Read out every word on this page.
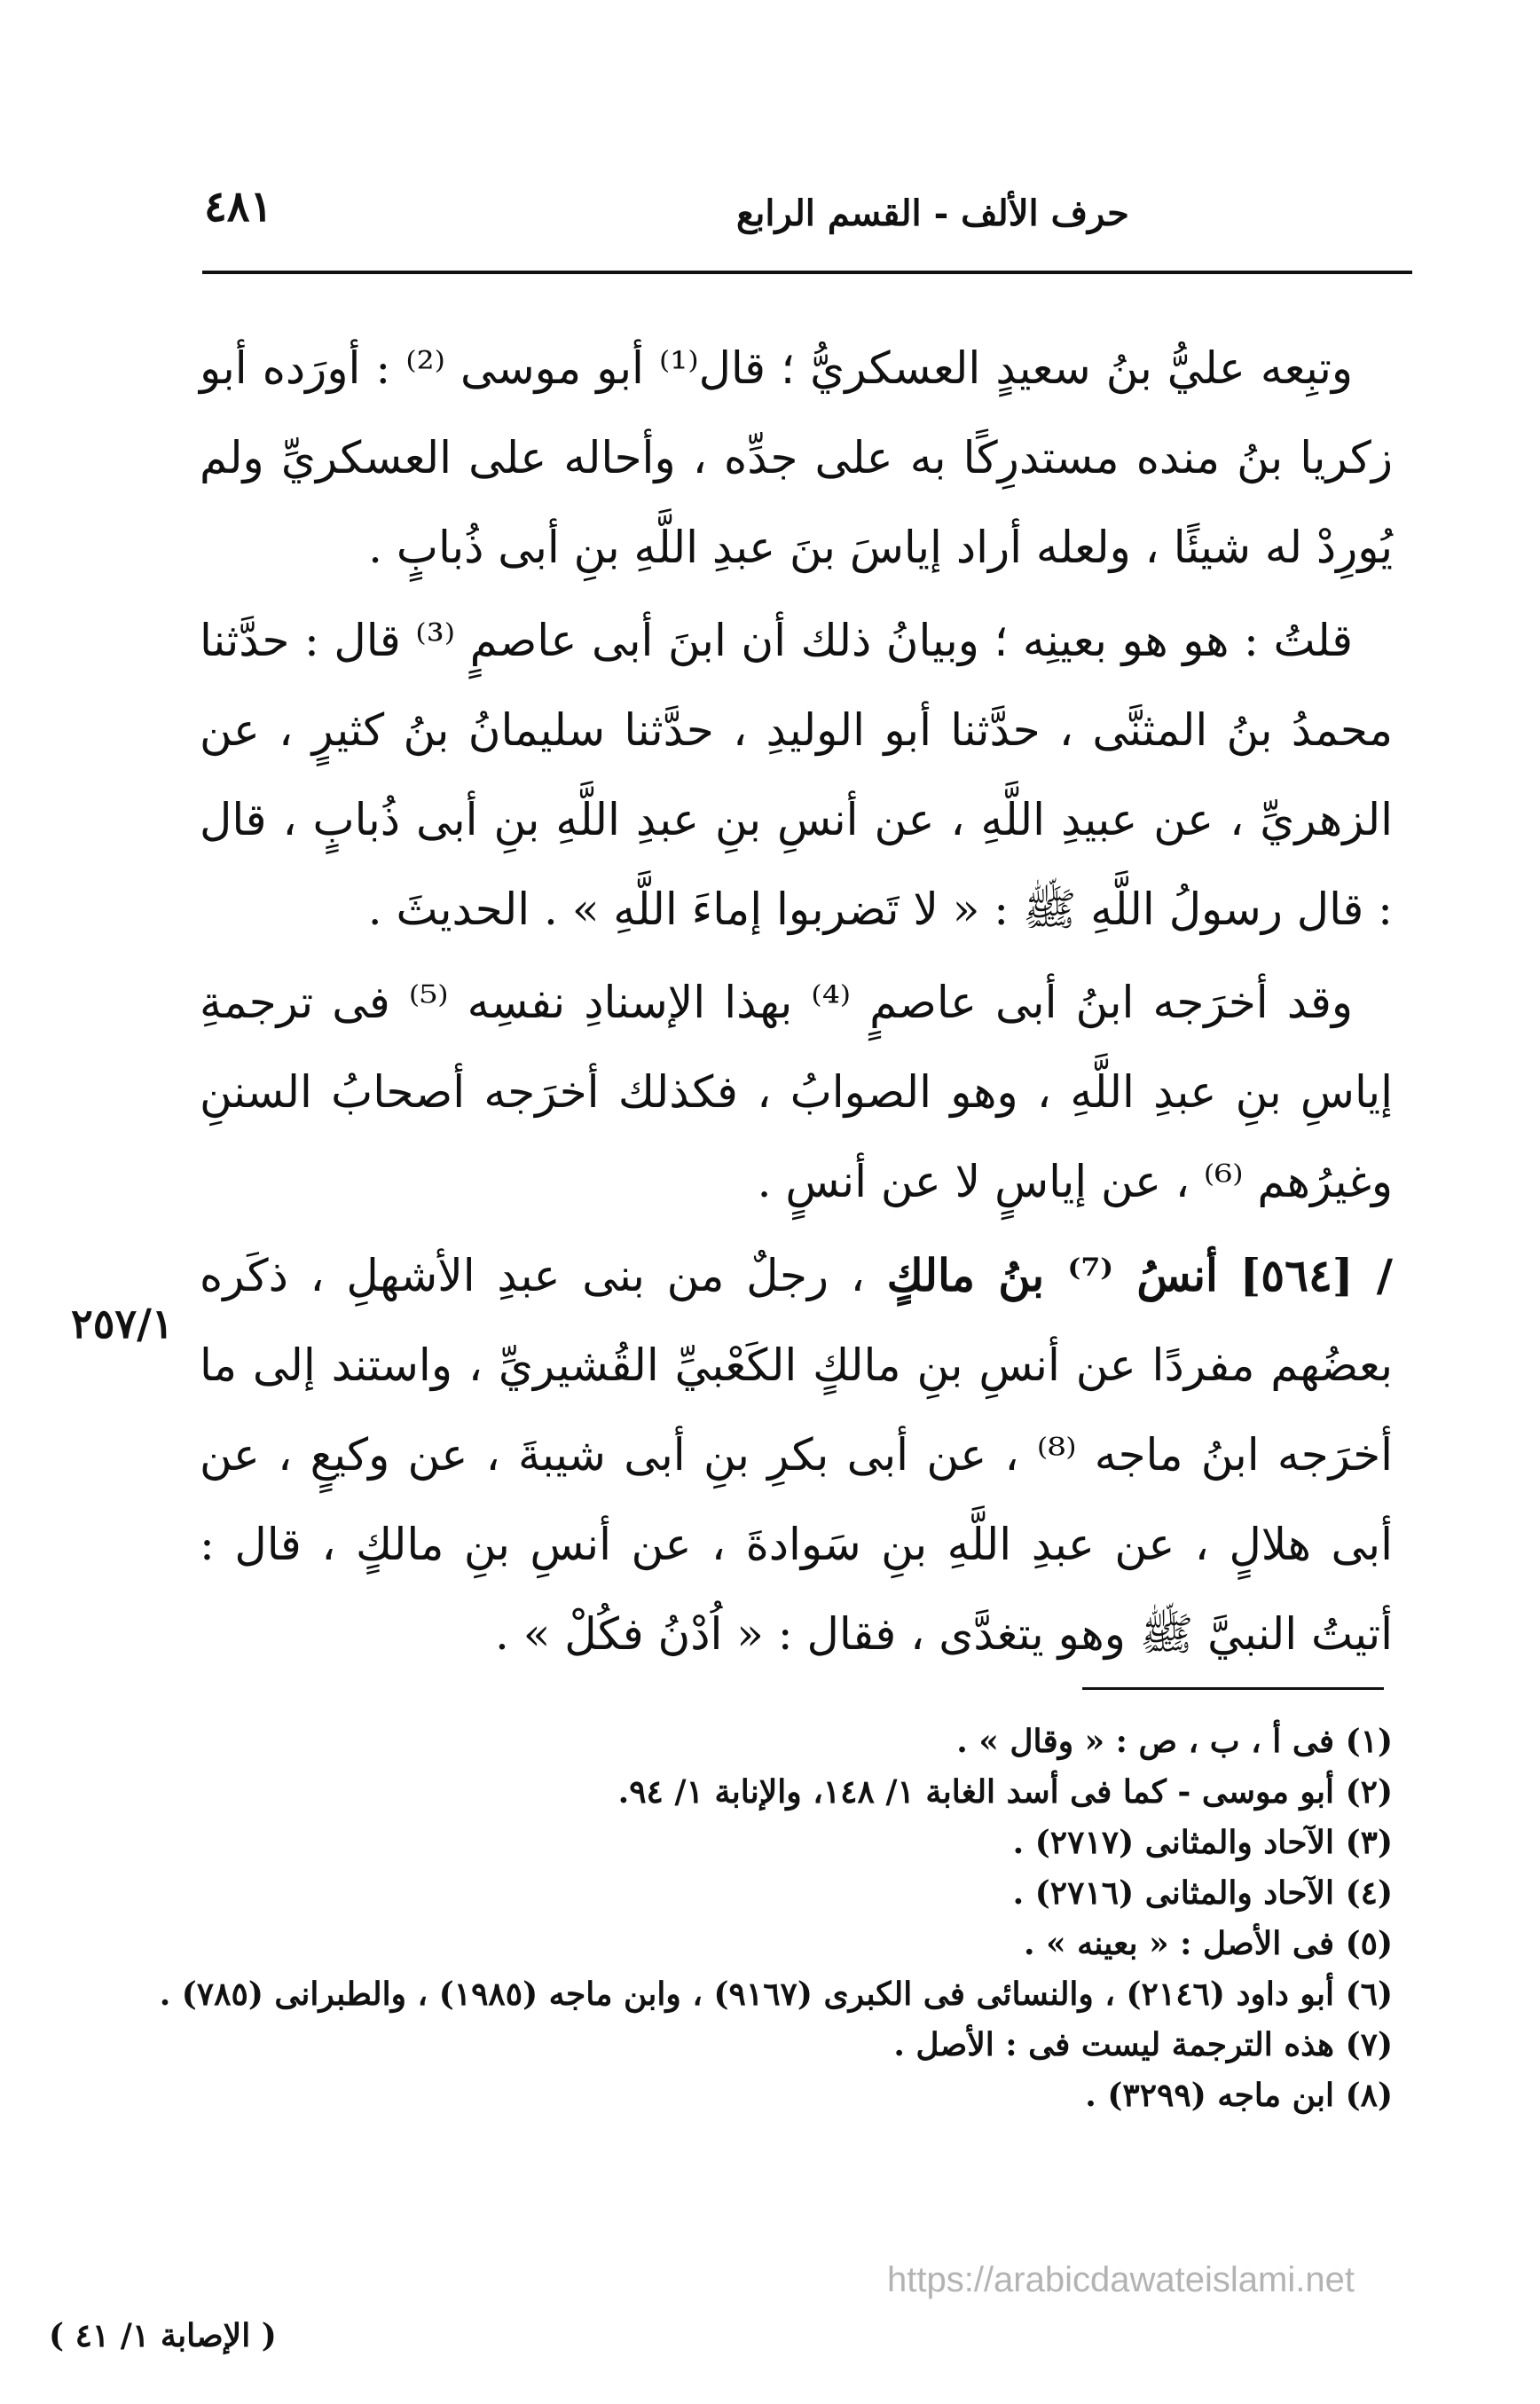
٤٨١	حرف الألف - القسم الرابع

وتبِعه عليُّ بنُ سعيدٍ العسكريُّ ؛ قال⁽¹⁾ أبو موسى ⁽²⁾ : أورَده أبو زكريا بنُ منده مستدرِكًا به على جدِّه ، وأحاله على العسكريِّ ولم يُورِدْ له شيئًا ، ولعله أراد إياسَ بنَ عبدِ اللَّهِ بنِ أبى ذُبابٍ .

قلتُ : هو هو بعينِه ؛ وبيانُ ذلك أن ابنَ أبى عاصمٍ ⁽³⁾ قال : حدَّثنا محمدُ بنُ المثنَّى ، حدَّثنا أبو الوليدِ ، حدَّثنا سليمانُ بنُ كثيرٍ ، عن الزهريِّ ، عن عبيدِ اللَّهِ ، عن أنسِ بنِ عبدِ اللَّهِ بنِ أبى ذُبابٍ ، قال : قال رسولُ اللَّهِ ﷺ : « لا تَضربوا إماءَ اللَّهِ » . الحديثَ .

وقد أخرَجه ابنُ أبى عاصمٍ ⁽⁴⁾ بهذا الإسنادِ نفسِه ⁽⁵⁾ فى ترجمةِ إياسِ بنِ عبدِ اللَّهِ ، وهو الصوابُ ، فكذلك أخرَجه أصحابُ السننِ وغيرُهم ⁽⁶⁾ ، عن إياسٍ لا عن أنسٍ .

/ [٥٦٤] أنسُ ⁽⁷⁾ بنُ مالكٍ ، رجلٌ من بنى عبدِ الأشهلِ ، ذكَره بعضُهم مفردًا عن أنسِ بنِ مالكٍ الكَعْبيِّ القُشيريِّ ، واستند إلى ما أخرَجه ابنُ ماجه ⁽⁸⁾ ، عن أبى بكرِ بنِ أبى شيبةَ ، عن وكيعٍ ، عن أبى هلالٍ ، عن عبدِ اللَّهِ بنِ سَوادةَ ، عن أنسِ بنِ مالكٍ ، قال : أتيتُ النبيَّ ﷺ وهو يتغدَّى ، فقال : « اُدْنُ فكُلْ » .

٢٥٧/١
(١) فى أ ، ب ، ص : « وقال » .
(٢) أبو موسى - كما فى أسد الغابة ١/ ١٤٨، والإنابة ١/ ٩٤.
(٣) الآحاد والمثانى (٢٧١٧) .
(٤) الآحاد والمثانى (٢٧١٦) .
(٥) فى الأصل : « بعينه » .
(٦) أبو داود (٢١٤٦) ، والنسائى فى الكبرى (٩١٦٧) ، وابن ماجه (١٩٨٥) ، والطبرانى (٧٨٥) .
(٧) هذه الترجمة ليست فى : الأصل .
(٨) ابن ماجه (٣٢٩٩) .
https://arabicdawateislami.net
( الإصابة ١/ ٤١ )
